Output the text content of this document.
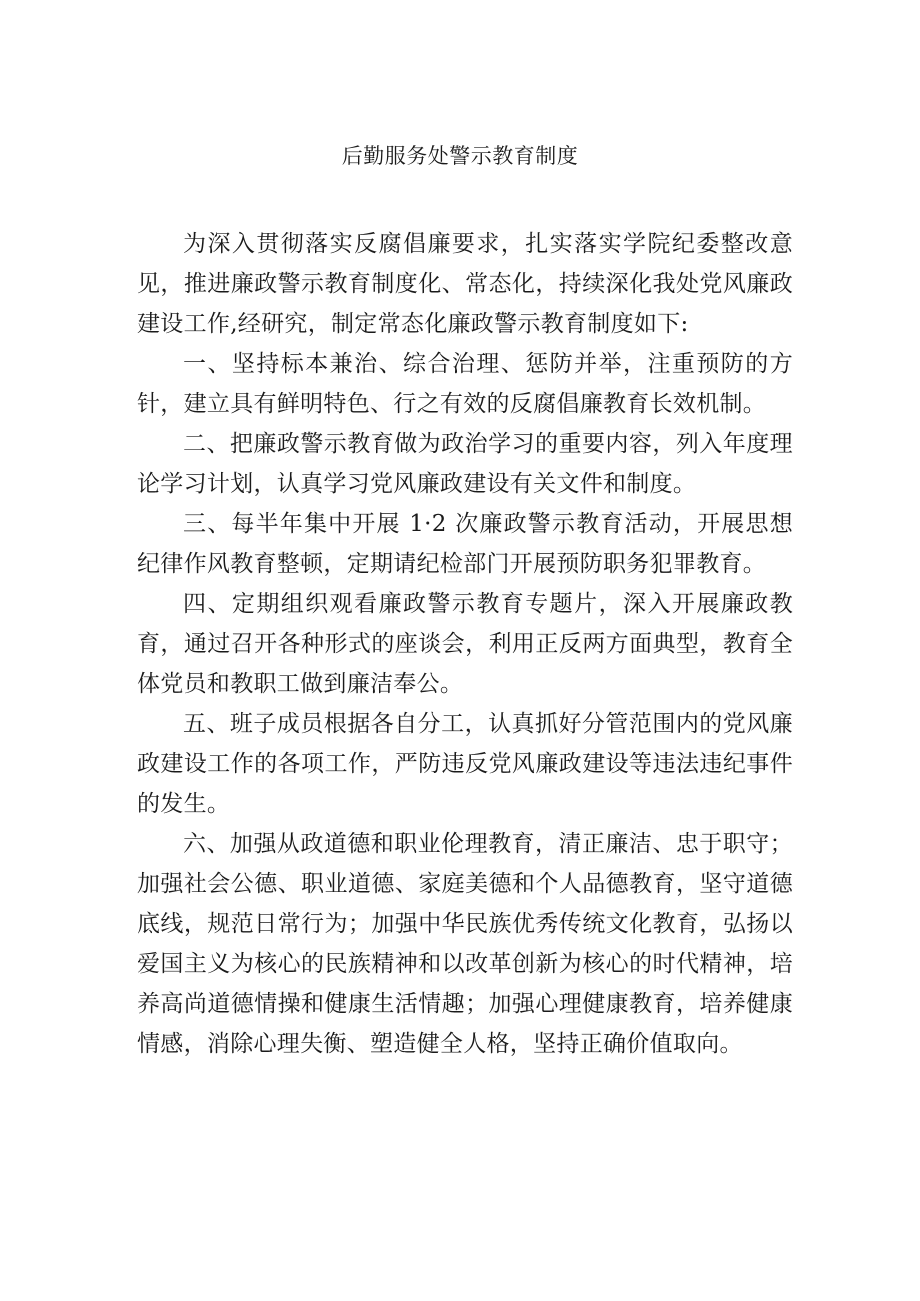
后勤服务处警示教育制度

为深入贯彻落实反腐倡廉要求，扎实落实学院纪委整改意见，推进廉政警示教育制度化、常态化，持续深化我处党风廉政建设工作,经研究，制定常态化廉政警示教育制度如下:

一、坚持标本兼治、综合治理、惩防并举，注重预防的方针，建立具有鲜明特色、行之有效的反腐倡廉教育长效机制。

二、把廉政警示教育做为政治学习的重要内容，列入年度理论学习计划，认真学习党风廉政建设有关文件和制度。

三、每半年集中开展 1·2 次廉政警示教育活动，开展思想纪律作风教育整顿，定期请纪检部门开展预防职务犯罪教育。

四、定期组织观看廉政警示教育专题片，深入开展廉政教育，通过召开各种形式的座谈会，利用正反两方面典型，教育全体党员和教职工做到廉洁奉公。

五、班子成员根据各自分工，认真抓好分管范围内的党风廉政建设工作的各项工作，严防违反党风廉政建设等违法违纪事件的发生。

六、加强从政道德和职业伦理教育，清正廉洁、忠于职守；加强社会公德、职业道德、家庭美德和个人品德教育，坚守道德底线，规范日常行为；加强中华民族优秀传统文化教育，弘扬以爱国主义为核心的民族精神和以改革创新为核心的时代精神，培养高尚道德情操和健康生活情趣；加强心理健康教育，培养健康情感，消除心理失衡、塑造健全人格，坚持正确价值取向。
